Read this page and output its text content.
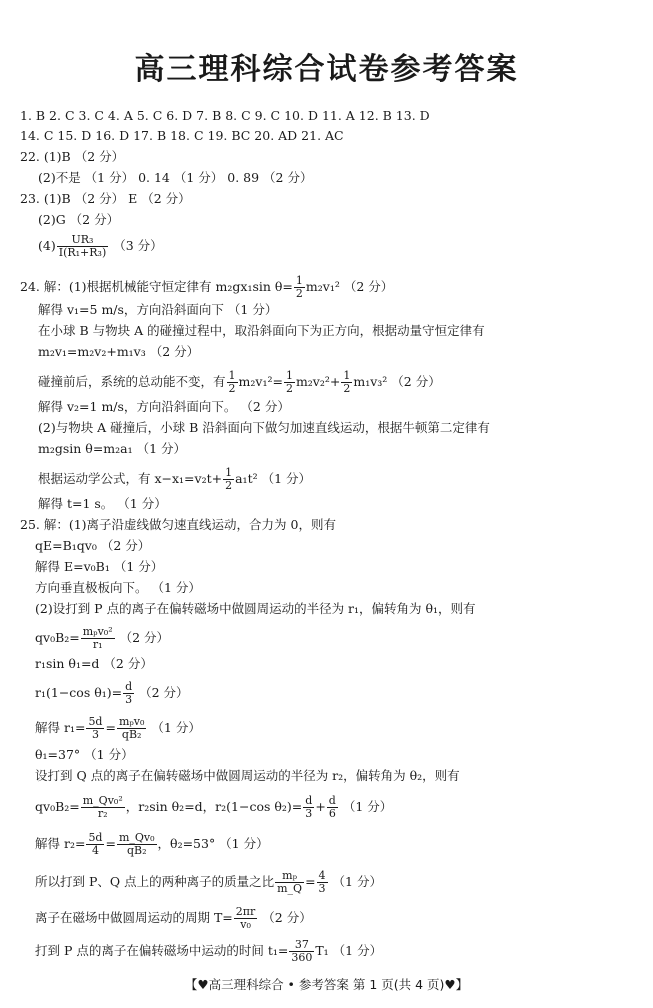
高三理科综合试卷参考答案
1. B 2. C 3. C 4. A 5. C 6. D 7. B 8. C 9. C 10. D 11. A 12. B 13. D
14. C 15. D 16. D 17. B 18. C 19. BC 20. AD 21. AC
22. (1)B （2 分）
(2)不是 （1 分） 0. 14 （1 分） 0. 89 （2 分）
23. (1)B （2 分） E （2 分）
(2)G （2 分）
$(4) \frac{\text{UR₃}}{\text{I(R₁+R₃)}} (3$ 分）
24. 解：(1)根据机械能守恒定律有 m₂gx₁sin $\theta= \frac{1}{2} m_2v_1^2$ （2 分）
解得 v₁=5 m/s，方向沿斜面向下 （1 分）
在小球 B 与物块 A 的碰撞过程中，取沿斜面向下为正方向，根据动量守恒定律有
m₂v₁=m₂v₂+m₁v₃ （2 分）
碰撞前后，系统的总动能不变，有 $\frac{1}{2} m_2v_1^2= \frac{1}{2} m_2v_2^2+ \frac{1}{2} m_1v_3^2$ （2 分）
解得 v₂=1 m/s，方向沿斜面向下。 （2 分）
(2)与物块 A 碰撞后，小球 B 沿斜面向下做匀加速直线运动，根据牛顿第二定律有
m₂gsin θ=m₂a₁ （1 分）
根据运动学公式，有 $x-x_1=v_2t+ \frac{1}{2} a_1t^2$ （1 分）
解得 t=1 s。 （1 分）
25. 解：(1)离子沿虚线做匀速直线运动，合力为 0，则有
qE=B₁qv₀ （2 分）
解得 E=v₀B₁ （1 分）
方向垂直极板向下。 （1 分）
(2)设打到 P 点的离子在偏转磁场中做圆周运动的半径为 r₁，偏转角为 θ₁，则有
$qv_0B_2= \frac{\text{mₚv₀²}}{\text{r₁}} (2$ 分）
r₁sin θ₁=d （2 分）
r₁(1−cos $\theta_1)= \frac{d}{3} (2$ 分）
解得 $r_1= \frac{5d}{3} = \frac{\text{mₚv₀}}{\text{qB₂}} (1$ 分）
θ₁=37° （1 分）
设打到 Q 点的离子在偏转磁场中做圆周运动的半径为 r₂，偏转角为 θ₂，则有
$qv_0B_2= \frac{\text{m\_Qv₀²}}{\text{r₂}}$ ，r₂sin θ₂=d，r₂(1−cos $\theta_2)= \frac{d}{3} + \frac{d}{6} (1$ 分）
解得 $r_2= \frac{5d}{4} = \frac{\text{m\_Qv₀}}{\text{qB₂}}$ ，θ₂=53° （1 分）
所以打到 P、Q 点上的两种离子的质量之比 $\frac{\text{mₚ}}{m\_Q} = \frac{4}{3} (1$ 分）
离子在磁场中做圆周运动的周期 $T= \frac{2\pi r}{\text{v₀}} (2$ 分）
打到 P 点的离子在偏转磁场中运动的时间 $t_1= \frac{37}{360} T_1$ （1 分）
【♥高三理科综合 • 参考答案 第 1 页(共 4 页)♥】
